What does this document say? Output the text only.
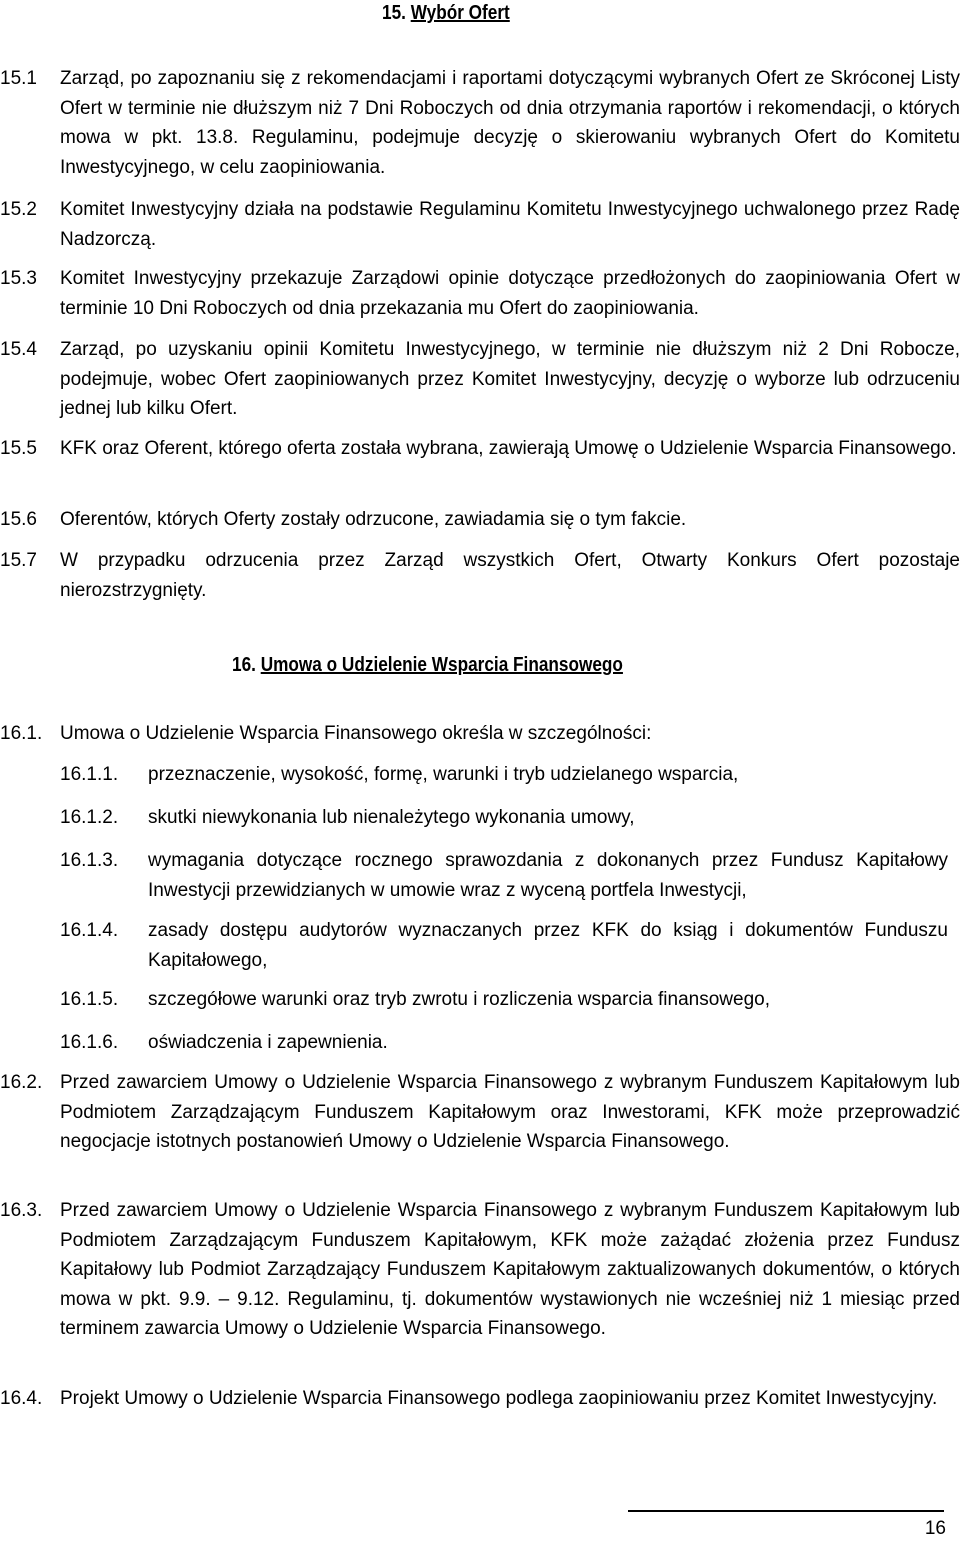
15. Wybór Ofert
15.1 Zarząd, po zapoznaniu się z rekomendacjami i raportami dotyczącymi wybranych Ofert ze Skróconej Listy Ofert w terminie nie dłuższym niż 7 Dni Roboczych od dnia otrzymania raportów i rekomendacji, o których mowa w pkt. 13.8. Regulaminu, podejmuje decyzję o skierowaniu wybranych Ofert do Komitetu Inwestycyjnego, w celu zaopiniowania.
15.2 Komitet Inwestycyjny działa na podstawie Regulaminu Komitetu Inwestycyjnego uchwalonego przez Radę Nadzorczą.
15.3 Komitet Inwestycyjny przekazuje Zarządowi opinie dotyczące przedłożonych do zaopiniowania Ofert w terminie 10 Dni Roboczych od dnia przekazania mu Ofert do zaopiniowania.
15.4 Zarząd, po uzyskaniu opinii Komitetu Inwestycyjnego, w terminie nie dłuższym niż 2 Dni Robocze, podejmuje, wobec Ofert zaopiniowanych przez Komitet Inwestycyjny, decyzję o wyborze lub odrzuceniu jednej lub kilku Ofert.
15.5 KFK oraz Oferent, którego oferta została wybrana, zawierają Umowę o Udzielenie Wsparcia Finansowego.
15.6 Oferentów, których Oferty zostały odrzucone, zawiadamia się o tym fakcie.
15.7 W przypadku odrzucenia przez Zarząd wszystkich Ofert, Otwarty Konkurs Ofert pozostaje nierozstrzygnięty.
16. Umowa o Udzielenie Wsparcia Finansowego
16.1. Umowa o Udzielenie Wsparcia Finansowego określa w szczególności:
16.1.1. przeznaczenie, wysokość, formę, warunki i tryb udzielanego wsparcia,
16.1.2. skutki niewykonania lub nienależytego wykonania umowy,
16.1.3. wymagania dotyczące rocznego sprawozdania z dokonanych przez Fundusz Kapitałowy Inwestycji przewidzianych w umowie wraz z wyceną portfela Inwestycji,
16.1.4. zasady dostępu audytorów wyznaczanych przez KFK do ksiąg i dokumentów Funduszu Kapitałowego,
16.1.5. szczegółowe warunki oraz tryb zwrotu i rozliczenia wsparcia finansowego,
16.1.6. oświadczenia i zapewnienia.
16.2. Przed zawarciem Umowy o Udzielenie Wsparcia Finansowego z wybranym Funduszem Kapitałowym lub Podmiotem Zarządzającym Funduszem Kapitałowym oraz Inwestorami, KFK może przeprowadzić negocjacje istotnych postanowień Umowy o Udzielenie Wsparcia Finansowego.
16.3. Przed zawarciem Umowy o Udzielenie Wsparcia Finansowego z wybranym Funduszem Kapitałowym lub Podmiotem Zarządzającym Funduszem Kapitałowym, KFK może zażądać złożenia przez Fundusz Kapitałowy lub Podmiot Zarządzający Funduszem Kapitałowym zaktualizowanych dokumentów, o których mowa w pkt. 9.9. – 9.12. Regulaminu, tj. dokumentów wystawionych nie wcześniej niż 1 miesiąc przed terminem zawarcia Umowy o Udzielenie Wsparcia Finansowego.
16.4. Projekt Umowy o Udzielenie Wsparcia Finansowego podlega zaopiniowaniu przez Komitet Inwestycyjny.
16
